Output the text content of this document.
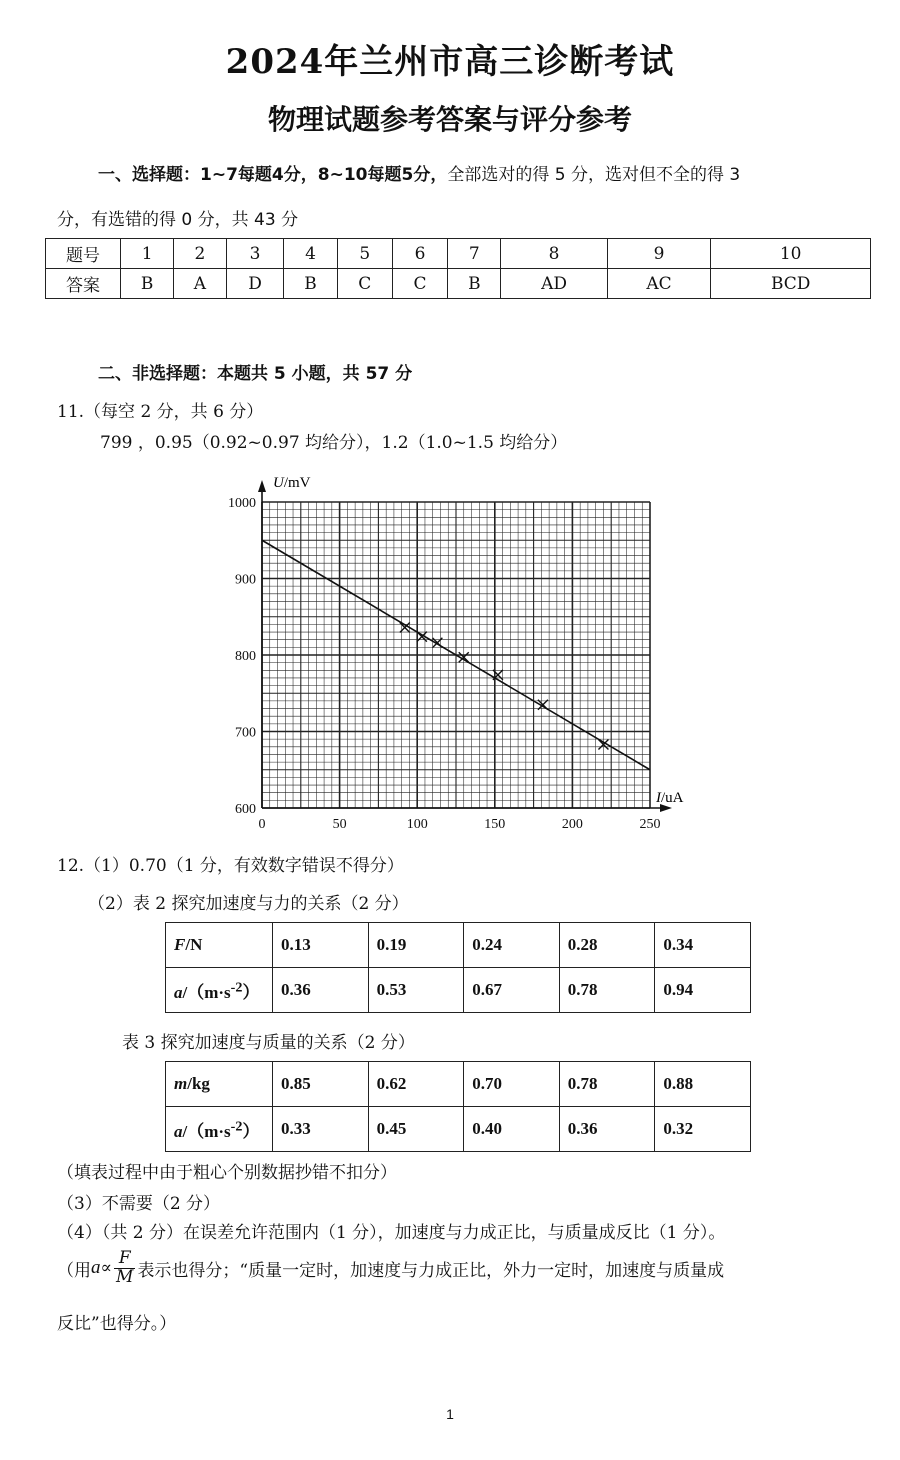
2024年兰州市高三诊断考试
物理试题参考答案与评分参考
一、选择题：1~7每题4分，8~10每题5分，全部选对的得 5 分，选对但不全的得 3
分，有选错的得 0 分，共 43 分
题号	1	2	3	4	5	6	7	8	9	10
答案	B	A	D	B	C	C	B	AD	AC	BCD
二、非选择题：本题共 5 小题，共 57 分
11.（每空 2 分，共 6 分）
799 ，0.95（0.92~0.97 均给分），1.2（1.0~1.5 均给分）
0	50	100	150	200	250
600
700
800
900
1000
U/mV
I/uA
12.（1）0.70（1 分，有效数字错误不得分）
（2）表 2 探究加速度与力的关系（2 分）
F/N	0.13	0.19	0.24	0.28	0.34
$a/(m\cdot s^{-2})$	0.36	0.53	0.67	0.78	0.94
表 3 探究加速度与质量的关系（2 分）
m/kg	0.85	0.62	0.70	0.78	0.88
$a/(m\cdot s^{-2})$	0.33	0.45	0.40	0.36	0.32
（填表过程中由于粗心个别数据抄错不扣分）
（3）不需要（2 分）
（4）（共 2 分）在误差允许范围内（1 分），加速度与力成正比，与质量成反比（1 分）。
（用 $a \propto \frac{F}{M}$ 表示也得分；“质量一定时，加速度与力成正比，外力一定时，加速度与质量成
反比”也得分。）
1
